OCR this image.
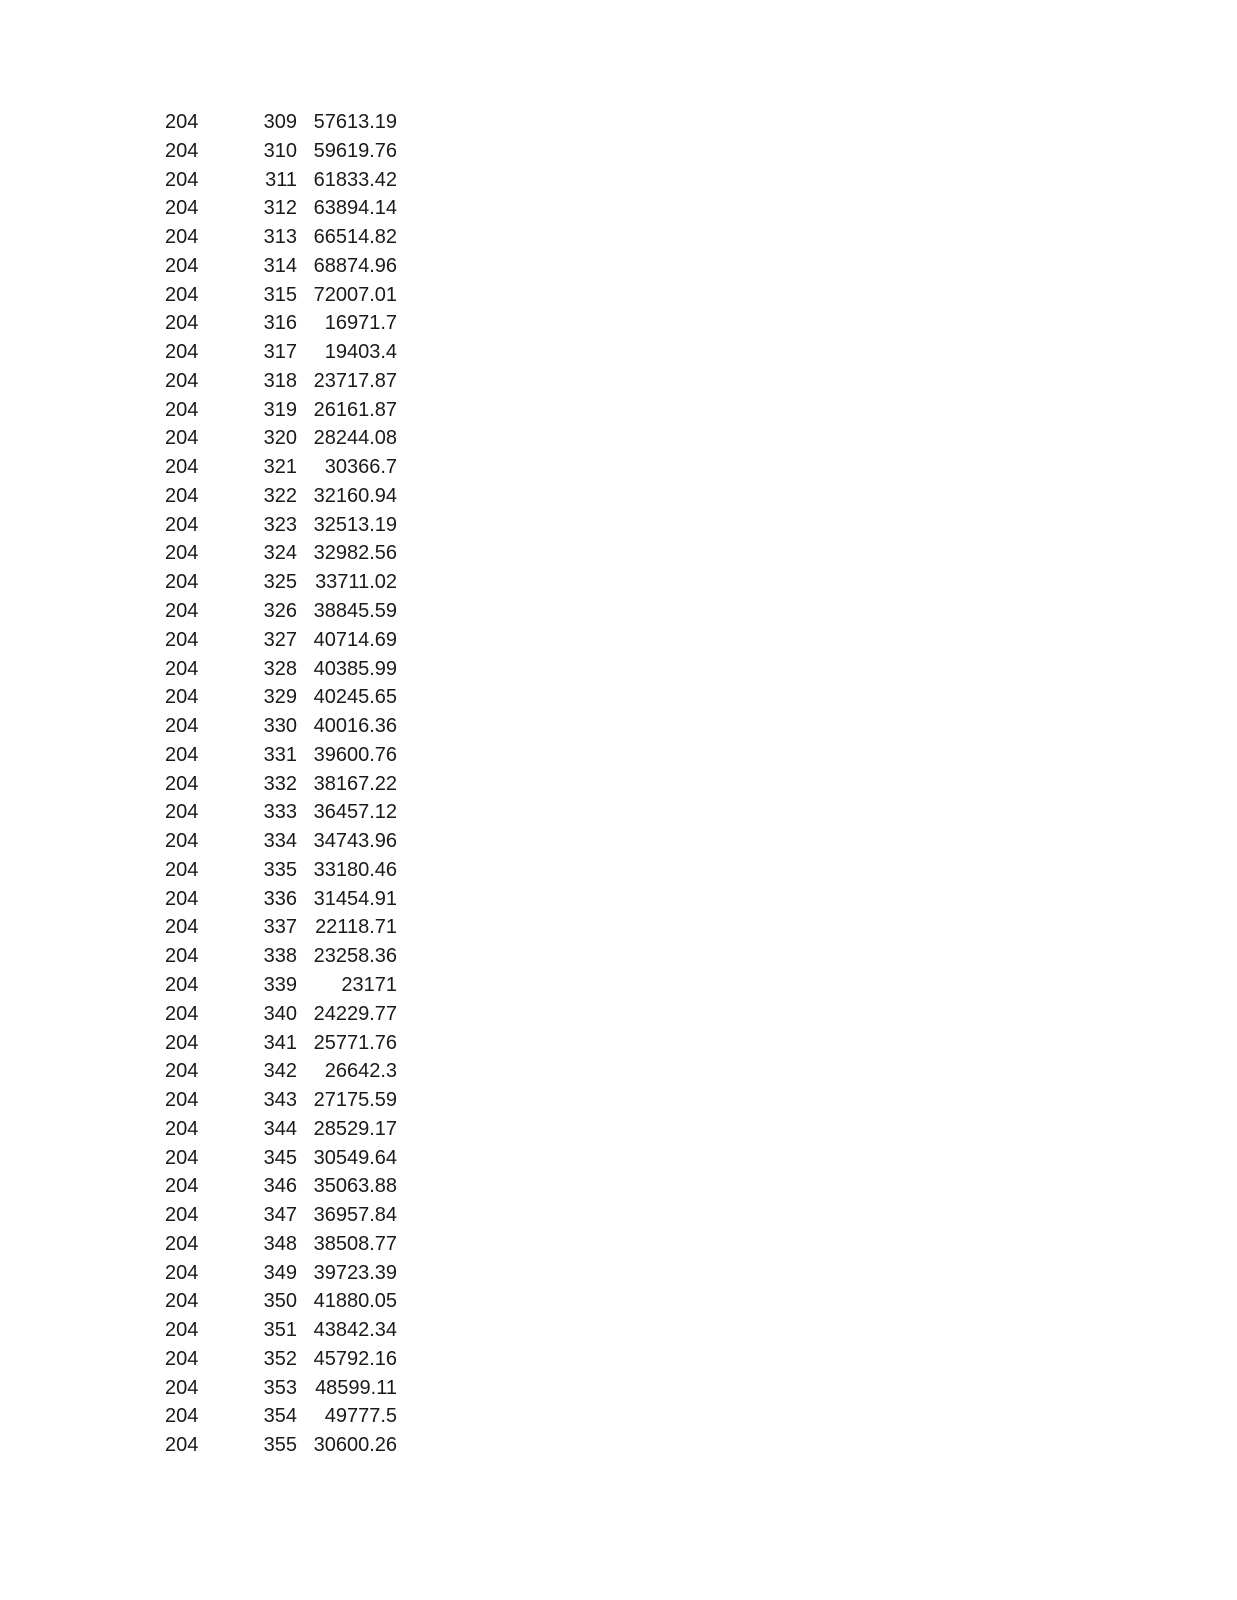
204	309 57613.19
204	310 59619.76
204	311 61833.42
204	312 63894.14
204	313 66514.82
204	314 68874.96
204	315 72007.01
204	316	16971.7
204	317	19403.4
204	318 23717.87
204	319 26161.87
204	320 28244.08
204	321	30366.7
204	322 32160.94
204	323 32513.19
204	324 32982.56
204	325 33711.02
204	326 38845.59
204	327 40714.69
204	328 40385.99
204	329 40245.65
204	330 40016.36
204	331 39600.76
204	332 38167.22
204	333 36457.12
204	334 34743.96
204	335 33180.46
204	336 31454.91
204	337 22118.71
204	338 23258.36
204	339	23171
204	340 24229.77
204	341 25771.76
204	342	26642.3
204	343 27175.59
204	344 28529.17
204	345 30549.64
204	346 35063.88
204	347 36957.84
204	348 38508.77
204	349 39723.39
204	350 41880.05
204	351 43842.34
204	352 45792.16
204	353 48599.11
204	354	49777.5
204	355 30600.26
